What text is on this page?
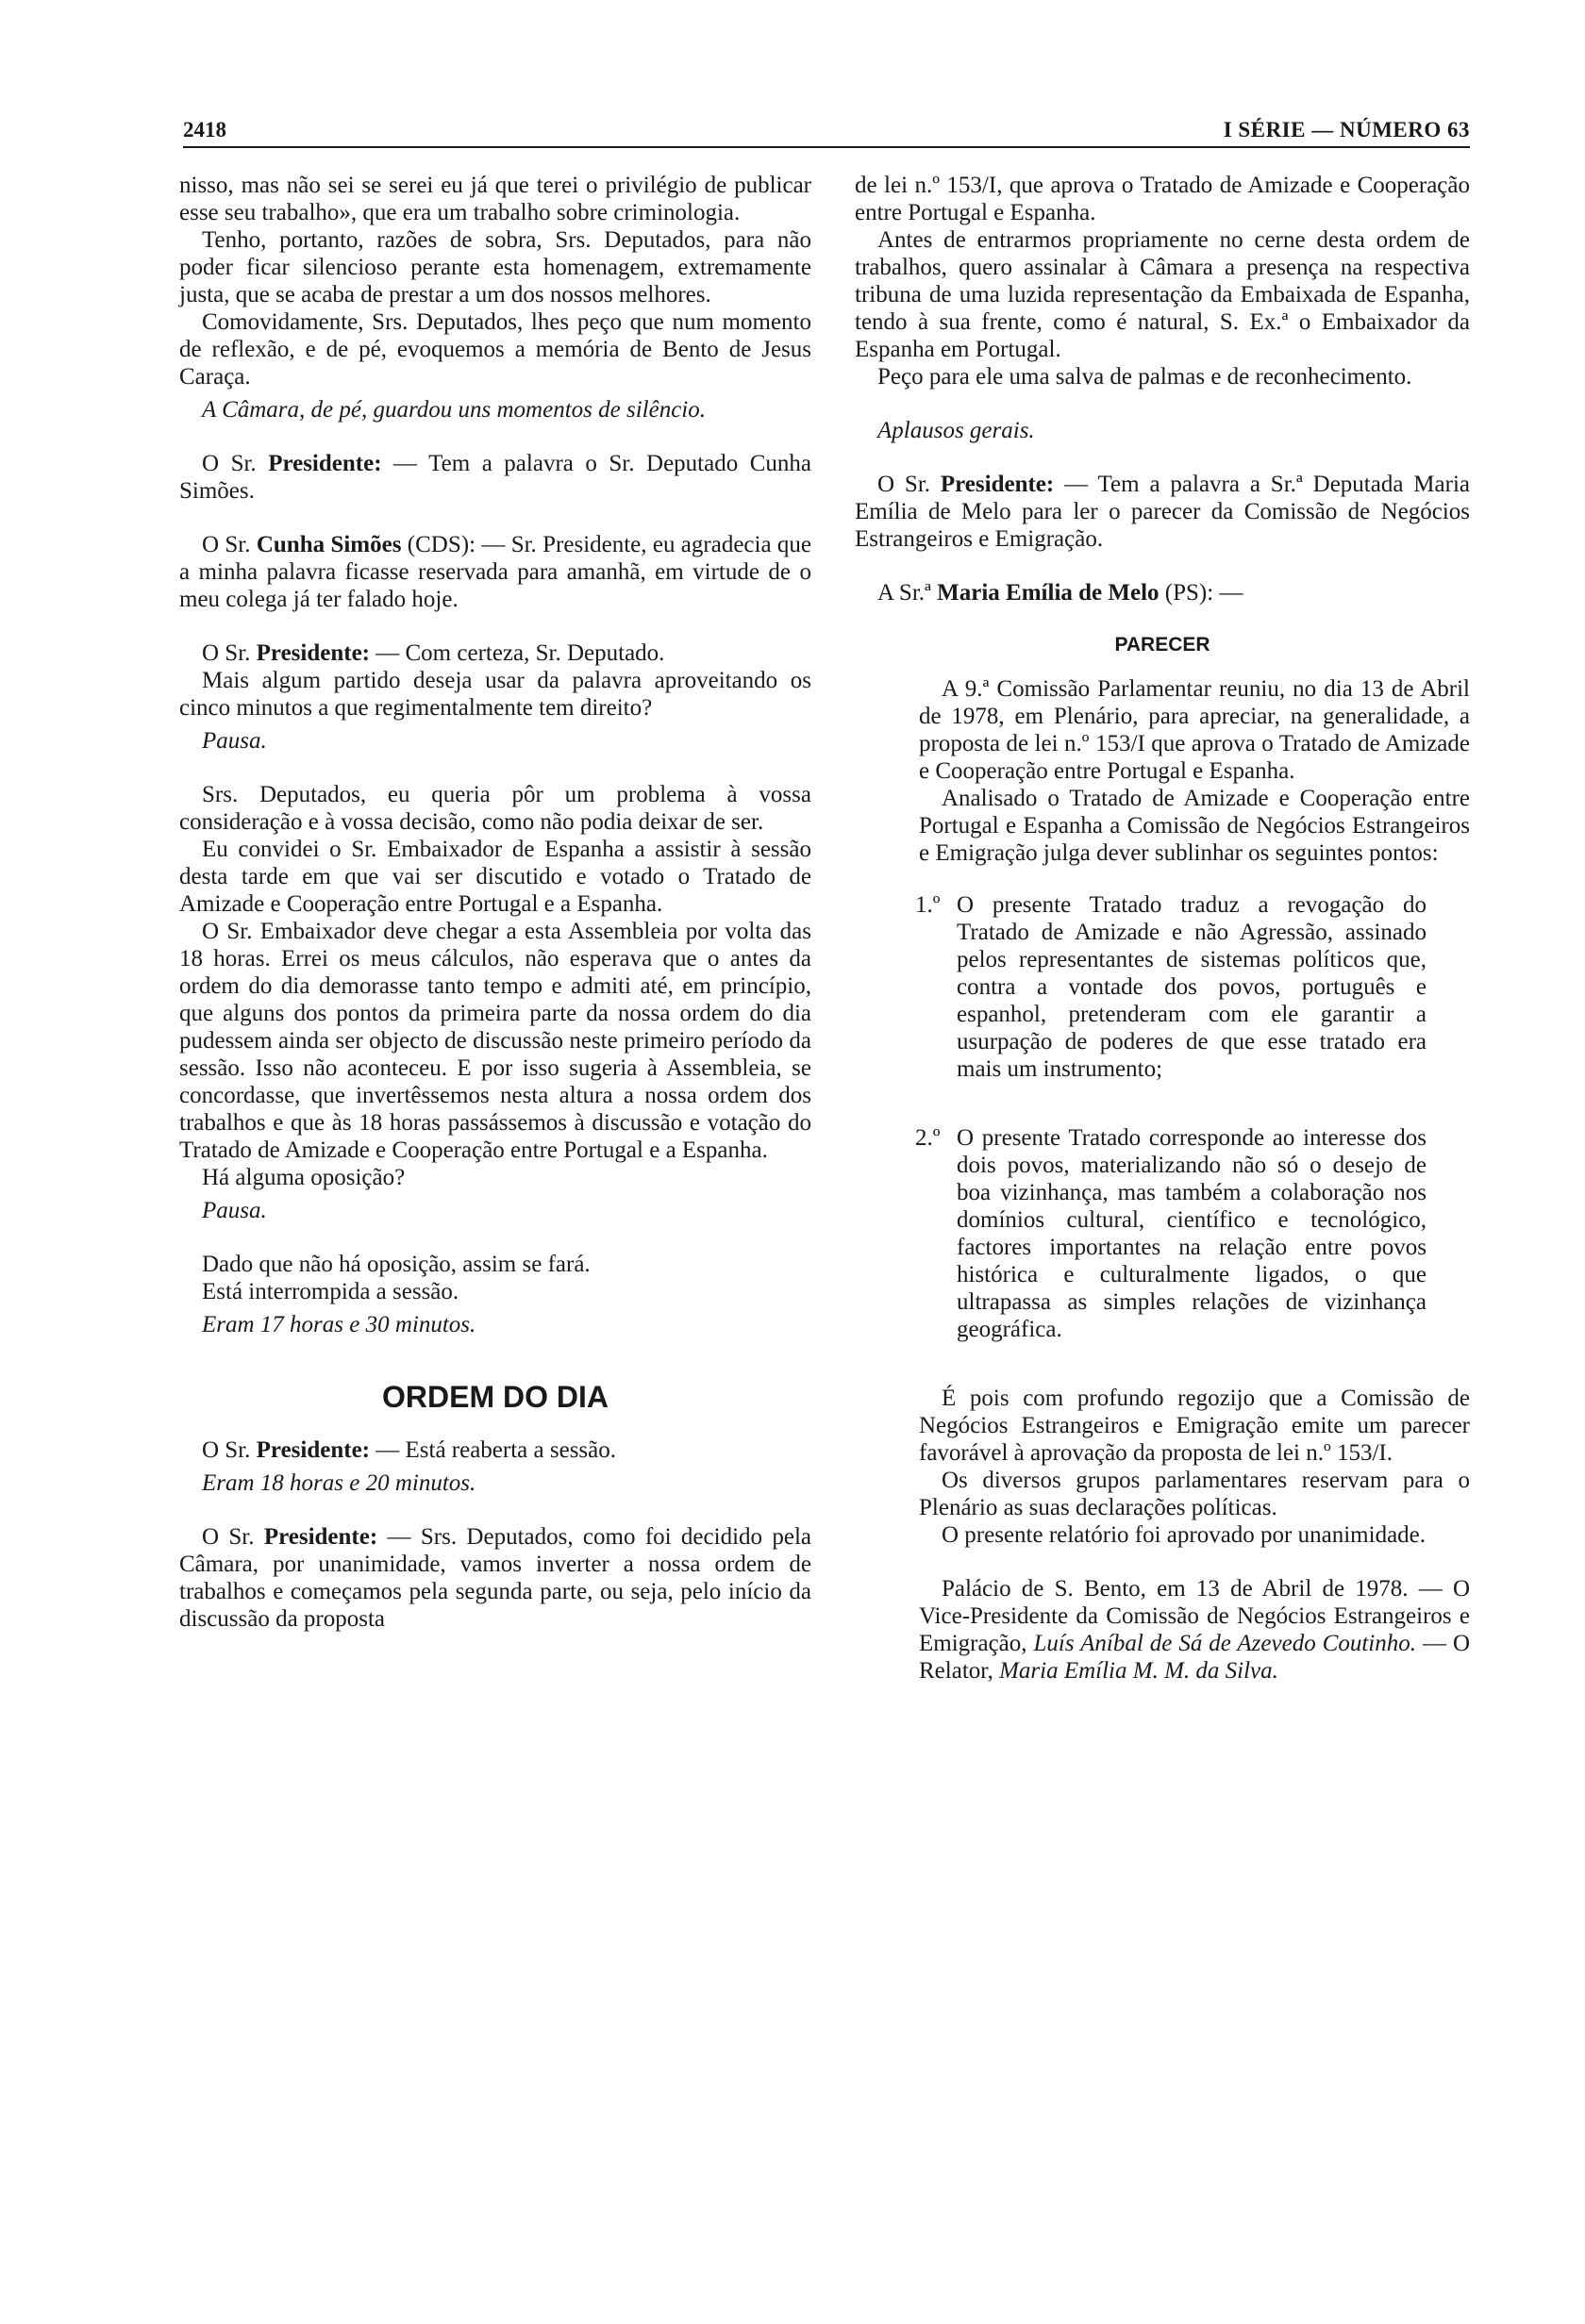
2418	I SÉRIE — NÚMERO 63

nisso, mas não sei se serei eu já que terei o privilégio de publicar esse seu trabalho», que era um trabalho sobre criminologia.

Tenho, portanto, razões de sobra, Srs. Deputados, para não poder ficar silencioso perante esta homenagem, extremamente justa, que se acaba de prestar a um dos nossos melhores.

Comovidamente, Srs. Deputados, lhes peço que num momento de reflexão, e de pé, evoquemos a memória de Bento de Jesus Caraça.

A Câmara, de pé, guardou uns momentos de silêncio.

O Sr. Presidente: — Tem a palavra o Sr. Deputado Cunha Simões.

O Sr. Cunha Simões (CDS): — Sr. Presidente, eu agradecia que a minha palavra ficasse reservada para amanhã, em virtude de o meu colega já ter falado hoje.

O Sr. Presidente: — Com certeza, Sr. Deputado.

Mais algum partido deseja usar da palavra aproveitando os cinco minutos a que regimentalmente tem direito?

Pausa.

Srs. Deputados, eu queria pôr um problema à vossa consideração e à vossa decisão, como não podia deixar de ser.

Eu convidei o Sr. Embaixador de Espanha a assistir à sessão desta tarde em que vai ser discutido e votado o Tratado de Amizade e Cooperação entre Portugal e a Espanha.

O Sr. Embaixador deve chegar a esta Assembleia por volta das 18 horas. Errei os meus cálculos, não esperava que o antes da ordem do dia demorasse tanto tempo e admiti até, em princípio, que alguns dos pontos da primeira parte da nossa ordem do dia pudessem ainda ser objecto de discussão neste primeiro período da sessão. Isso não aconteceu. E por isso sugeria à Assembleia, se concordasse, que invertêssemos nesta altura a nossa ordem dos trabalhos e que às 18 horas passássemos à discussão e votação do Tratado de Amizade e Cooperação entre Portugal e a Espanha.

Há alguma oposição?

Pausa.

Dado que não há oposição, assim se fará.

Está interrompida a sessão.

Eram 17 horas e 30 minutos.

ORDEM DO DIA

O Sr. Presidente: — Está reaberta a sessão.

Eram 18 horas e 20 minutos.

O Sr. Presidente: — Srs. Deputados, como foi decidido pela Câmara, por unanimidade, vamos inverter a nossa ordem de trabalhos e começamos pela segunda parte, ou seja, pelo início da discussão da proposta

de lei n.º 153/I, que aprova o Tratado de Amizade e Cooperação entre Portugal e Espanha.

Antes de entrarmos propriamente no cerne desta ordem de trabalhos, quero assinalar à Câmara a presença na respectiva tribuna de uma luzida representação da Embaixada de Espanha, tendo à sua frente, como é natural, S. Ex.ª o Embaixador da Espanha em Portugal.

Peço para ele uma salva de palmas e de reconhecimento.

Aplausos gerais.

O Sr. Presidente: — Tem a palavra a Sr.ª Deputada Maria Emília de Melo para ler o parecer da Comissão de Negócios Estrangeiros e Emigração.

A Sr.ª Maria Emília de Melo (PS): —

PARECER

A 9.ª Comissão Parlamentar reuniu, no dia 13 de Abril de 1978, em Plenário, para apreciar, na generalidade, a proposta de lei n.º 153/I que aprova o Tratado de Amizade e Cooperação entre Portugal e Espanha.

Analisado o Tratado de Amizade e Cooperação entre Portugal e Espanha a Comissão de Negócios Estrangeiros e Emigração julga dever sublinhar os seguintes pontos:

1.º O presente Tratado traduz a revogação do Tratado de Amizade e não Agressão, assinado pelos representantes de sistemas políticos que, contra a vontade dos povos, português e espanhol, pretenderam com ele garantir a usurpação de poderes de que esse tratado era mais um instrumento;

2.º O presente Tratado corresponde ao interesse dos dois povos, materializando não só o desejo de boa vizinhança, mas também a colaboração nos domínios cultural, científico e tecnológico, factores importantes na relação entre povos histórica e culturalmente ligados, o que ultrapassa as simples relações de vizinhança geográfica.

É pois com profundo regozijo que a Comissão de Negócios Estrangeiros e Emigração emite um parecer favorável à aprovação da proposta de lei n.º 153/I.

Os diversos grupos parlamentares reservam para o Plenário as suas declarações políticas.

O presente relatório foi aprovado por unanimidade.

Palácio de S. Bento, em 13 de Abril de 1978. — O Vice-Presidente da Comissão de Negócios Estrangeiros e Emigração, Luís Aníbal de Sá de Azevedo Coutinho. — O Relator, Maria Emília M. M. da Silva.
